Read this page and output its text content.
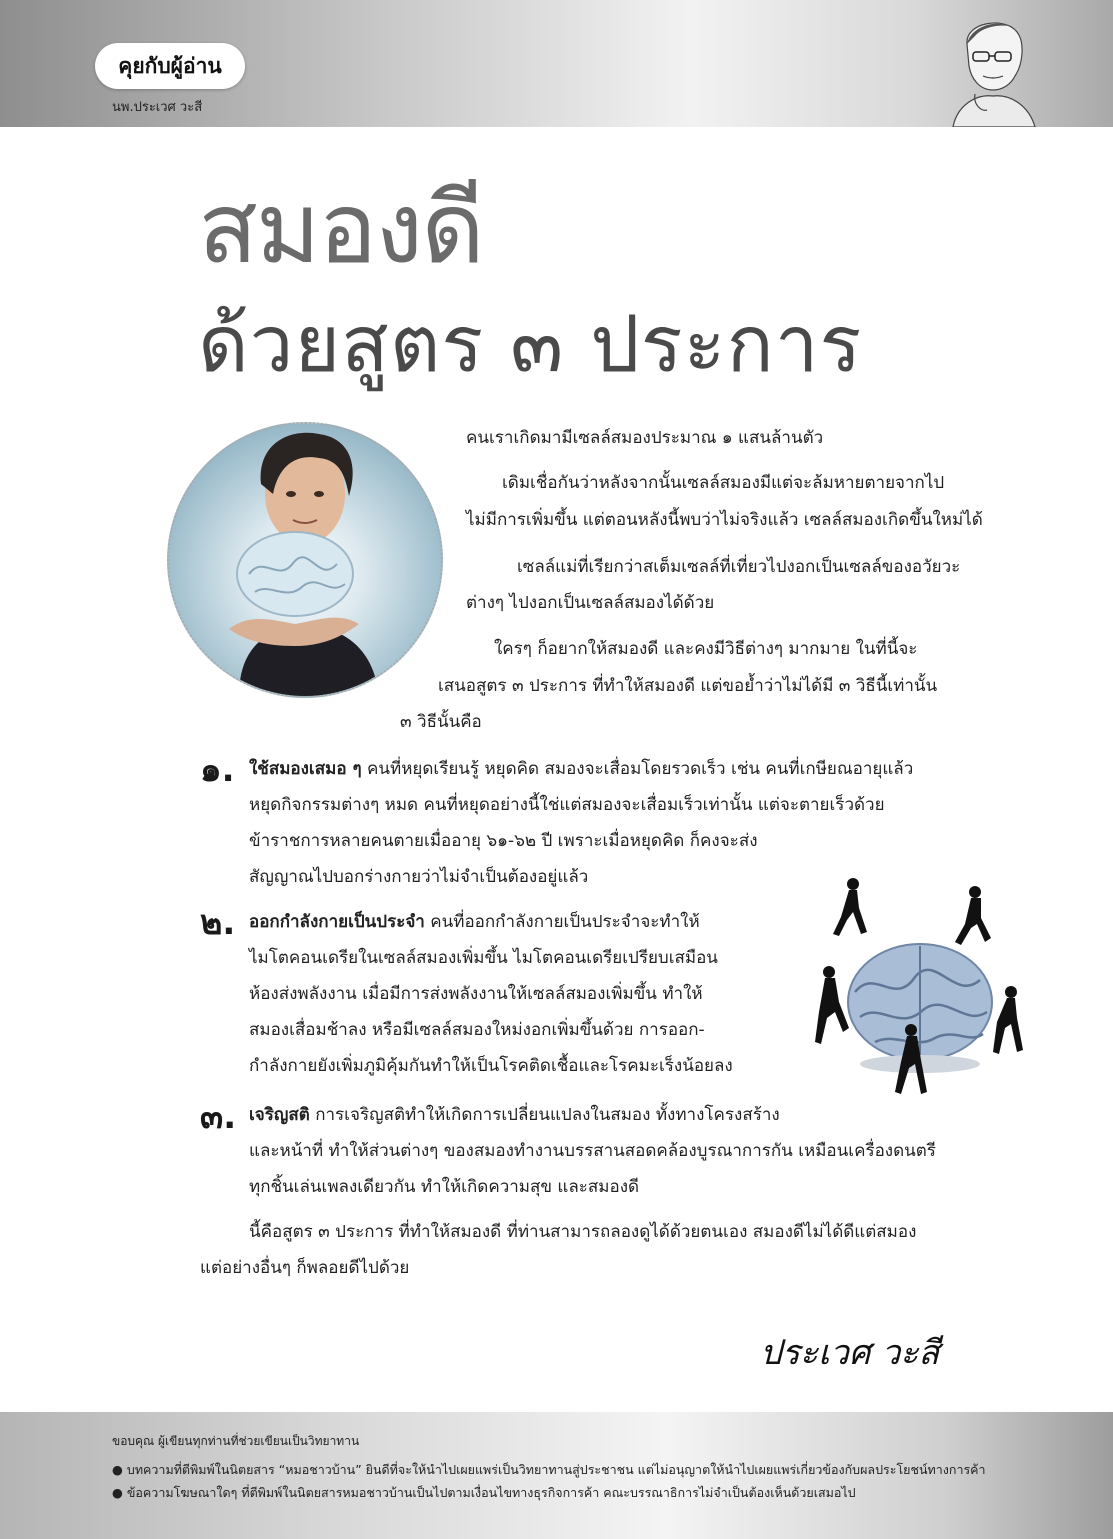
คุยกับผู้อ่าน
นพ.ประเวศ วะสี
สมองดี
ด้วยสูตร ๓ ประการ

คนเราเกิดมามีเซลล์สมองประมาณ ๑ แสนล้านตัว

เดิมเชื่อกันว่าหลังจากนั้นเซลล์สมองมีแต่จะล้มหายตายจากไป

ไม่มีการเพิ่มขึ้น แต่ตอนหลังนี้พบว่าไม่จริงแล้ว เซลล์สมองเกิดขึ้นใหม่ได้

เซลล์แม่ที่เรียกว่าสเต็มเซลล์ที่เที่ยวไปงอกเป็นเซลล์ของอวัยวะ

ต่างๆ ไปงอกเป็นเซลล์สมองได้ด้วย

ใครๆ ก็อยากให้สมองดี และคงมีวิธีต่างๆ มากมาย ในที่นี้จะ

เสนอสูตร ๓ ประการ ที่ทำให้สมองดี แต่ขอย้ำว่าไม่ได้มี ๓ วิธีนี้เท่านั้น

๓ วิธีนั้นคือ

๑. ใช้สมองเสมอ ๆ คนที่หยุดเรียนรู้ หยุดคิด สมองจะเสื่อมโดยรวดเร็ว เช่น คนที่เกษียณอายุแล้ว

หยุดกิจกรรมต่างๆ หมด คนที่หยุดอย่างนี้ใช่แต่สมองจะเสื่อมเร็วเท่านั้น แต่จะตายเร็วด้วย

ข้าราชการหลายคนตายเมื่ออายุ ๖๑-๖๒ ปี เพราะเมื่อหยุดคิด ก็คงจะส่ง

สัญญาณไปบอกร่างกายว่าไม่จำเป็นต้องอยู่แล้ว

๒. ออกกำลังกายเป็นประจำ คนที่ออกกำลังกายเป็นประจำจะทำให้

ไมโตคอนเดรียในเซลล์สมองเพิ่มขึ้น ไมโตคอนเดรียเปรียบเสมือน

ห้องส่งพลังงาน เมื่อมีการส่งพลังงานให้เซลล์สมองเพิ่มขึ้น ทำให้

สมองเสื่อมช้าลง หรือมีเซลล์สมองใหม่งอกเพิ่มขึ้นด้วย การออก-

กำลังกายยังเพิ่มภูมิคุ้มกันทำให้เป็นโรคติดเชื้อและโรคมะเร็งน้อยลง

๓. เจริญสติ การเจริญสติทำให้เกิดการเปลี่ยนแปลงในสมอง ทั้งทางโครงสร้าง

และหน้าที่ ทำให้ส่วนต่างๆ ของสมองทำงานบรรสานสอดคล้องบูรณาการกัน เหมือนเครื่องดนตรี

ทุกชิ้นเล่นเพลงเดียวกัน ทำให้เกิดความสุข และสมองดี

นี้คือสูตร ๓ ประการ ที่ทำให้สมองดี ที่ท่านสามารถลองดูได้ด้วยตนเอง สมองดีไม่ได้ดีแต่สมอง

แต่อย่างอื่นๆ ก็พลอยดีไปด้วย

ประเวศ วะสี
ขอบคุณ ผู้เขียนทุกท่านที่ช่วยเขียนเป็นวิทยาทาน
● บทความที่ตีพิมพ์ในนิตยสาร “หมอชาวบ้าน” ยินดีที่จะให้นำไปเผยแพร่เป็นวิทยาทานสู่ประชาชน แต่ไม่อนุญาตให้นำไปเผยแพร่เกี่ยวข้องกับผลประโยชน์ทางการค้า
● ข้อความโฆษณาใดๆ ที่ตีพิมพ์ในนิตยสารหมอชาวบ้านเป็นไปตามเงื่อนไขทางธุรกิจการค้า คณะบรรณาธิการไม่จำเป็นต้องเห็นด้วยเสมอไป
